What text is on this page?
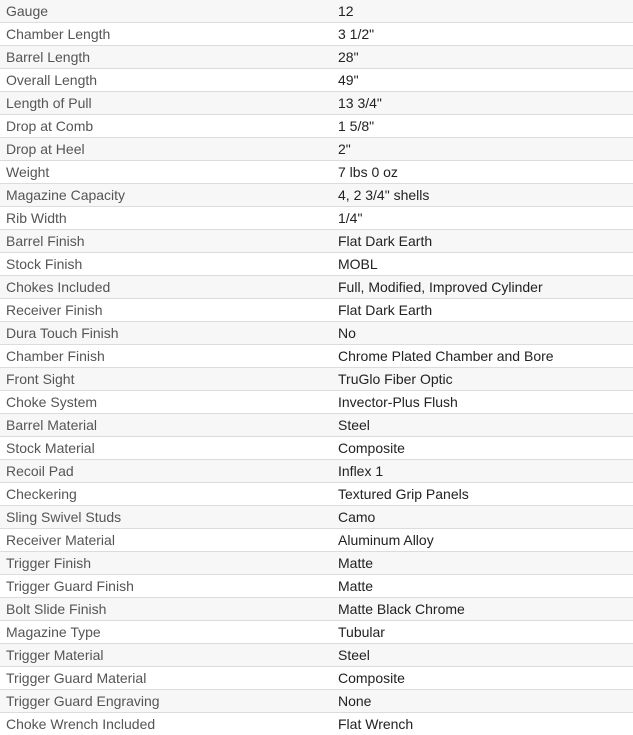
Gauge	12
Chamber Length	3 1/2"
Barrel Length	28"
Overall Length	49"
Length of Pull	13 3/4"
Drop at Comb	1 5/8"
Drop at Heel	2"
Weight	7 lbs 0 oz
Magazine Capacity	4, 2 3/4" shells
Rib Width	1/4"
Barrel Finish	Flat Dark Earth
Stock Finish	MOBL
Chokes Included	Full, Modified, Improved Cylinder
Receiver Finish	Flat Dark Earth
Dura Touch Finish	No
Chamber Finish	Chrome Plated Chamber and Bore
Front Sight	TruGlo Fiber Optic
Choke System	Invector-Plus Flush
Barrel Material	Steel
Stock Material	Composite
Recoil Pad	Inflex 1
Checkering	Textured Grip Panels
Sling Swivel Studs	Camo
Receiver Material	Aluminum Alloy
Trigger Finish	Matte
Trigger Guard Finish	Matte
Bolt Slide Finish	Matte Black Chrome
Magazine Type	Tubular
Trigger Material	Steel
Trigger Guard Material	Composite
Trigger Guard Engraving	None
Choke Wrench Included	Flat Wrench
